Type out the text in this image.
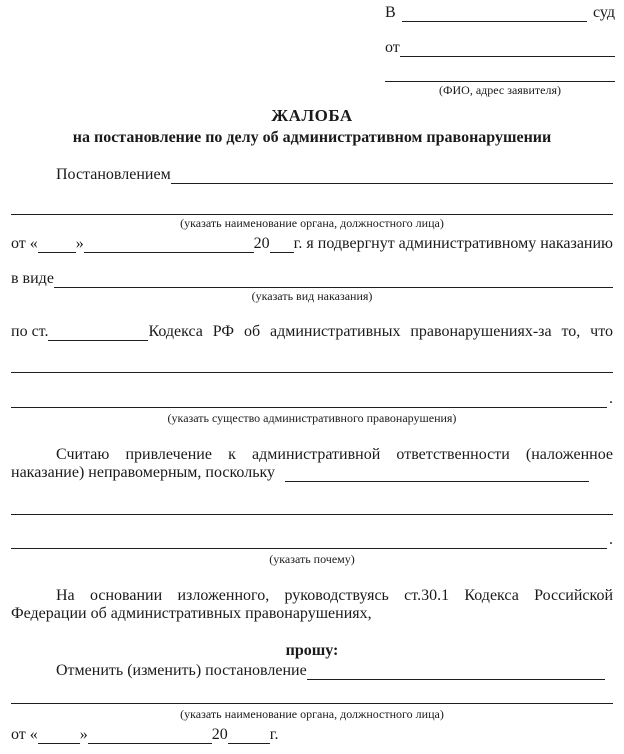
В	суд
от
(ФИО, адрес заявителя)
ЖАЛОБА
на постановление по делу об административном правонарушении
Постановлением
(указать наименование органа, должностного лица)
от « »	20 г. я подвергнут административному наказанию
в виде
(указать вид наказания)
по ст.	Кодекса РФ об административных правонарушениях-за то, что
.
(указать существо административного правонарушения)
Считаю привлечение к административной ответственности (наложенное
наказание) неправомерным, поскольку
.
(указать почему)
На основании изложенного, руководствуясь ст.30.1 Кодекса Российской
Федерации об административных правонарушениях,
прошу:
Отменить (изменить) постановление
(указать наименование органа, должностного лица)
от «	»	20	г.
